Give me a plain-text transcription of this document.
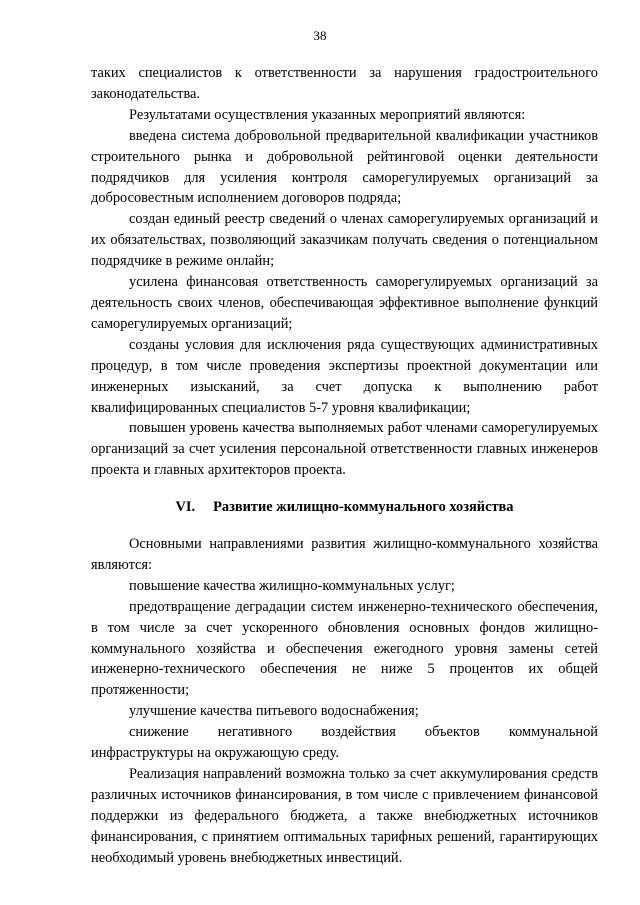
38

таких специалистов к ответственности за нарушения градостроительного законодательства.

Результатами осуществления указанных мероприятий являются:

введена система добровольной предварительной квалификации участников строительного рынка и добровольной рейтинговой оценки деятельности подрядчиков для усиления контроля саморегулируемых организаций за добросовестным исполнением договоров подряда;

создан единый реестр сведений о членах саморегулируемых организаций и их обязательствах, позволяющий заказчикам получать сведения о потенциальном подрядчике в режиме онлайн;

усилена финансовая ответственность саморегулируемых организаций за деятельность своих членов, обеспечивающая эффективное выполнение функций саморегулируемых организаций;

созданы условия для исключения ряда существующих административных процедур, в том числе проведения экспертизы проектной документации или инженерных изысканий, за счет допуска к выполнению работ квалифицированных специалистов 5-7 уровня квалификации;

повышен уровень качества выполняемых работ членами саморегулируемых организаций за счет усиления персональной ответственности главных инженеров проекта и главных архитекторов проекта.

VI. Развитие жилищно-коммунального хозяйства

Основными направлениями развития жилищно-коммунального хозяйства являются:

повышение качества жилищно-коммунальных услуг;

предотвращение деградации систем инженерно-технического обеспечения, в том числе за счет ускоренного обновления основных фондов жилищно-коммунального хозяйства и обеспечения ежегодного уровня замены сетей инженерно-технического обеспечения не ниже 5 процентов их общей протяженности;

улучшение качества питьевого водоснабжения;

снижение негативного воздействия объектов коммунальной инфраструктуры на окружающую среду.

Реализация направлений возможна только за счет аккумулирования средств различных источников финансирования, в том числе с привлечением финансовой поддержки из федерального бюджета, а также внебюджетных источников финансирования, с принятием оптимальных тарифных решений, гарантирующих необходимый уровень внебюджетных инвестиций.
